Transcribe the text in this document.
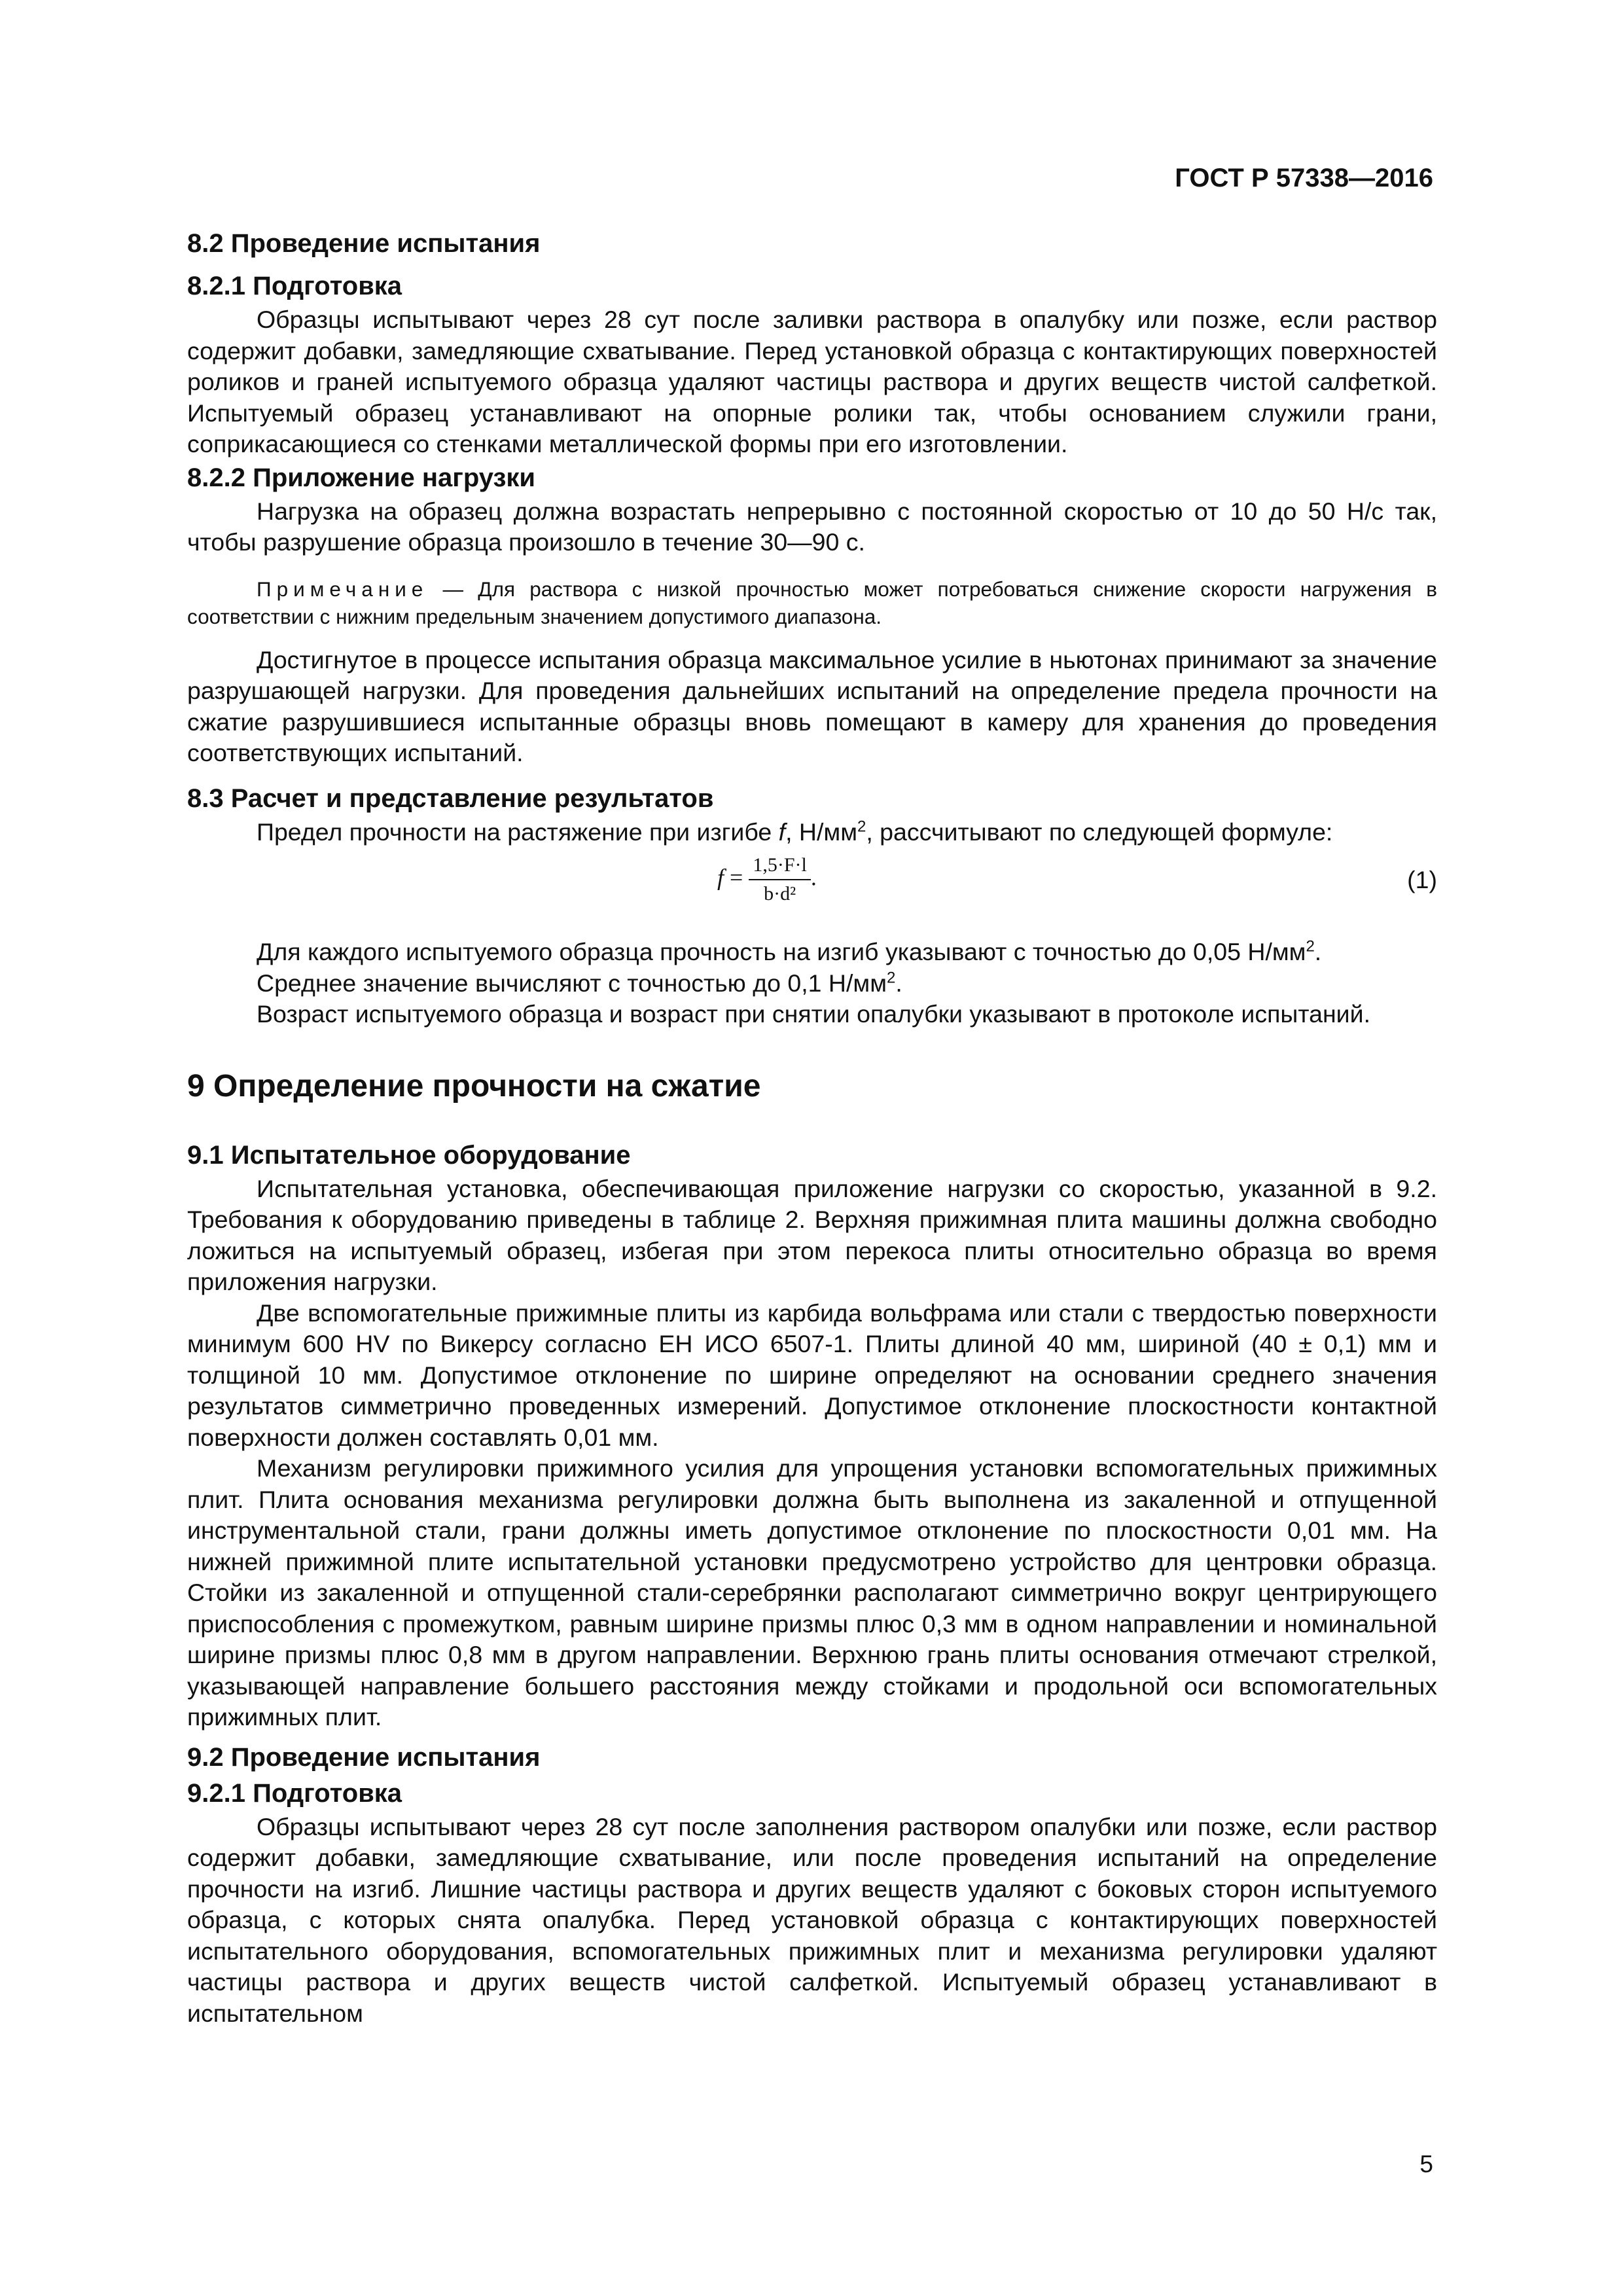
ГОСТ Р 57338—2016
8.2 Проведение испытания
8.2.1 Подготовка

Образцы испытывают через 28 сут после заливки раствора в опалубку или позже, если раствор содержит добавки, замедляющие схватывание. Перед установкой образца с контактирующих поверхностей роликов и граней испытуемого образца удаляют частицы раствора и других веществ чистой салфеткой. Испытуемый образец устанавливают на опорные ролики так, чтобы основанием служили грани, соприкасающиеся со стенками металлической формы при его изготовлении.

8.2.2 Приложение нагрузки

Нагрузка на образец должна возрастать непрерывно с постоянной скоростью от 10 до 50 Н/с так, чтобы разрушение образца произошло в течение 30—90 с.

Примечание — Для раствора с низкой прочностью может потребоваться снижение скорости нагружения в соответствии с нижним предельным значением допустимого диапазона.

Достигнутое в процессе испытания образца максимальное усилие в ньютонах принимают за значение разрушающей нагрузки. Для проведения дальнейших испытаний на определение предела прочности на сжатие разрушившиеся испытанные образцы вновь помещают в камеру для хранения до проведения соответствующих испытаний.

8.3 Расчет и представление результатов

Предел прочности на растяжение при изгибе f, $Н/мм^2$, рассчитывают по следующей формуле:

$f = \frac{1,5\cdot F\cdot l}{\text{b·d²}}$ .	(1)

Для каждого испытуемого образца прочность на изгиб указывают с точностью до 0,05 $Н/мм^2$.

Среднее значение вычисляют с точностью до 0,1 $Н/мм^2$.

Возраст испытуемого образца и возраст при снятии опалубки указывают в протоколе испытаний.

9 Определение прочности на сжатие
9.1 Испытательное оборудование

Испытательная установка, обеспечивающая приложение нагрузки со скоростью, указанной в 9.2. Требования к оборудованию приведены в таблице 2. Верхняя прижимная плита машины должна свободно ложиться на испытуемый образец, избегая при этом перекоса плиты относительно образца во время приложения нагрузки.

Две вспомогательные прижимные плиты из карбида вольфрама или стали с твердостью поверхности минимум 600 HV по Викерсу согласно ЕН ИСО 6507-1. Плиты длиной 40 мм, шириной (40 ± 0,1) мм и толщиной 10 мм. Допустимое отклонение по ширине определяют на основании среднего значения результатов симметрично проведенных измерений. Допустимое отклонение плоскостности контактной поверхности должен составлять 0,01 мм.

Механизм регулировки прижимного усилия для упрощения установки вспомогательных прижимных плит. Плита основания механизма регулировки должна быть выполнена из закаленной и отпущенной инструментальной стали, грани должны иметь допустимое отклонение по плоскостности 0,01 мм. На нижней прижимной плите испытательной установки предусмотрено устройство для центровки образца. Стойки из закаленной и отпущенной стали-серебрянки располагают симметрично вокруг центрирующего приспособления с промежутком, равным ширине призмы плюс 0,3 мм в одном направлении и номинальной ширине призмы плюс 0,8 мм в другом направлении. Верхнюю грань плиты основания отмечают стрелкой, указывающей направление большего расстояния между стойками и продольной оси вспомогательных прижимных плит.

9.2 Проведение испытания
9.2.1 Подготовка

Образцы испытывают через 28 сут после заполнения раствором опалубки или позже, если раствор содержит добавки, замедляющие схватывание, или после проведения испытаний на определение прочности на изгиб. Лишние частицы раствора и других веществ удаляют с боковых сторон испытуемого образца, с которых снята опалубка. Перед установкой образца с контактирующих поверхностей испытательного оборудования, вспомогательных прижимных плит и механизма регулировки удаляют частицы раствора и других веществ чистой салфеткой. Испытуемый образец устанавливают в испытательном

5
